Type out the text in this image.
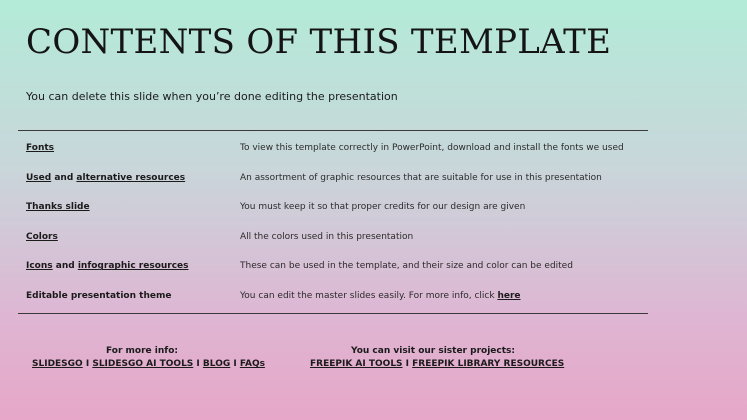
CONTENTS OF THIS TEMPLATE

You can delete this slide when you’re done editing the presentation

Fonts	To view this template correctly in PowerPoint, download and install the fonts we used
Used and alternative resources	An assortment of graphic resources that are suitable for use in this presentation
Thanks slide	You must keep it so that proper credits for our design are given
Colors	All the colors used in this presentation
Icons and infographic resources	These can be used in the template, and their size and color can be edited
Editable presentation theme	You can edit the master slides easily. For more info, click here
For more info:
SLIDESGO I SLIDESGO AI TOOLS I BLOG I FAQs
You can visit our sister projects:
FREEPIK AI TOOLS I FREEPIK LIBRARY RESOURCES
